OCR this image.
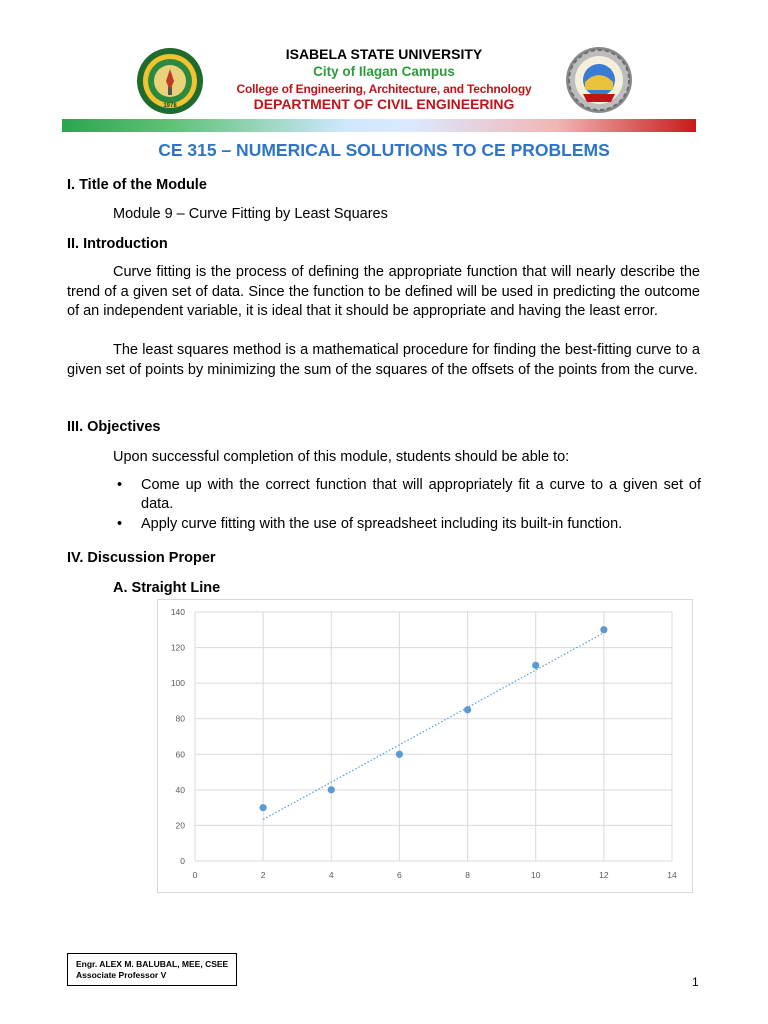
1978
ISABELA STATE UNIVERSITY
City of Ilagan Campus
College of Engineering, Architecture, and Technology
DEPARTMENT OF CIVIL ENGINEERING
CE 315 – NUMERICAL SOLUTIONS TO CE PROBLEMS
I. Title of the Module
Module 9 – Curve Fitting by Least Squares
II. Introduction

Curve fitting is the process of defining the appropriate function that will nearly describe the trend of a given set of data. Since the function to be defined will be used in predicting the outcome of an independent variable, it is ideal that it should be appropriate and having the least error.

The least squares method is a mathematical procedure for finding the best-fitting curve to a given set of points by minimizing the sum of the squares of the offsets of the points from the curve.

III. Objectives
Upon successful completion of this module, students should be able to:
• Come up with the correct function that will appropriately fit a curve to a given set of data.
• Apply curve fitting with the use of spreadsheet including its built-in function.
IV. Discussion Proper
A. Straight Line
0
20
40
60
80
100
120
140
0	2	4	6	8	10	12	14
Engr. ALEX M. BALUBAL, MEE, CSEE
Associate Professor V	1
